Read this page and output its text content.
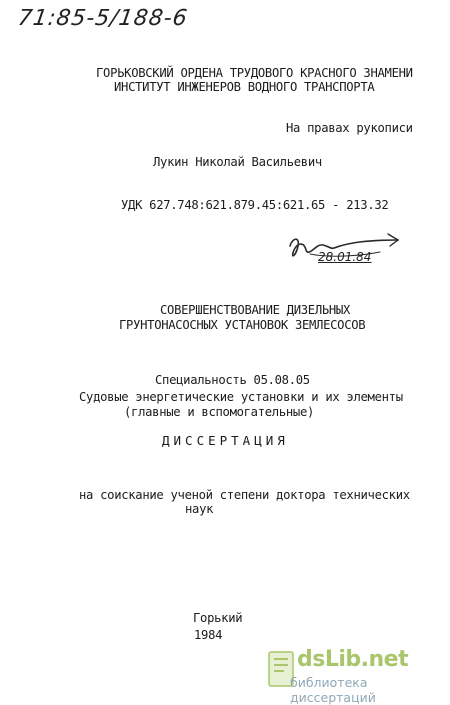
71:85-5/188-6
ГОРЬКОВСКИЙ ОРДЕНА ТРУДОВОГО КРАСНОГО ЗНАМЕНИ
ИНСТИТУТ ИНЖЕНЕРОВ ВОДНОГО ТРАНСПОРТА
На правах рукописи
Лукин Николай Васильевич
УДК 627.748:621.879.45:621.65 - 213.32
28.01.84
СОВЕРШЕНСТВОВАНИЕ ДИЗЕЛЬНЫХ
ГРУНТОНАСОСНЫХ УСТАНОВОК ЗЕМЛЕСОСОВ
Специальность 05.08.05
Судовые энергетические установки и их элементы
(главные и вспомогательные)
ДИССЕРТАЦИЯ
на соискание ученой степени доктора технических
наук
Горький
1984
dsLib.net
библиотека диссертаций
